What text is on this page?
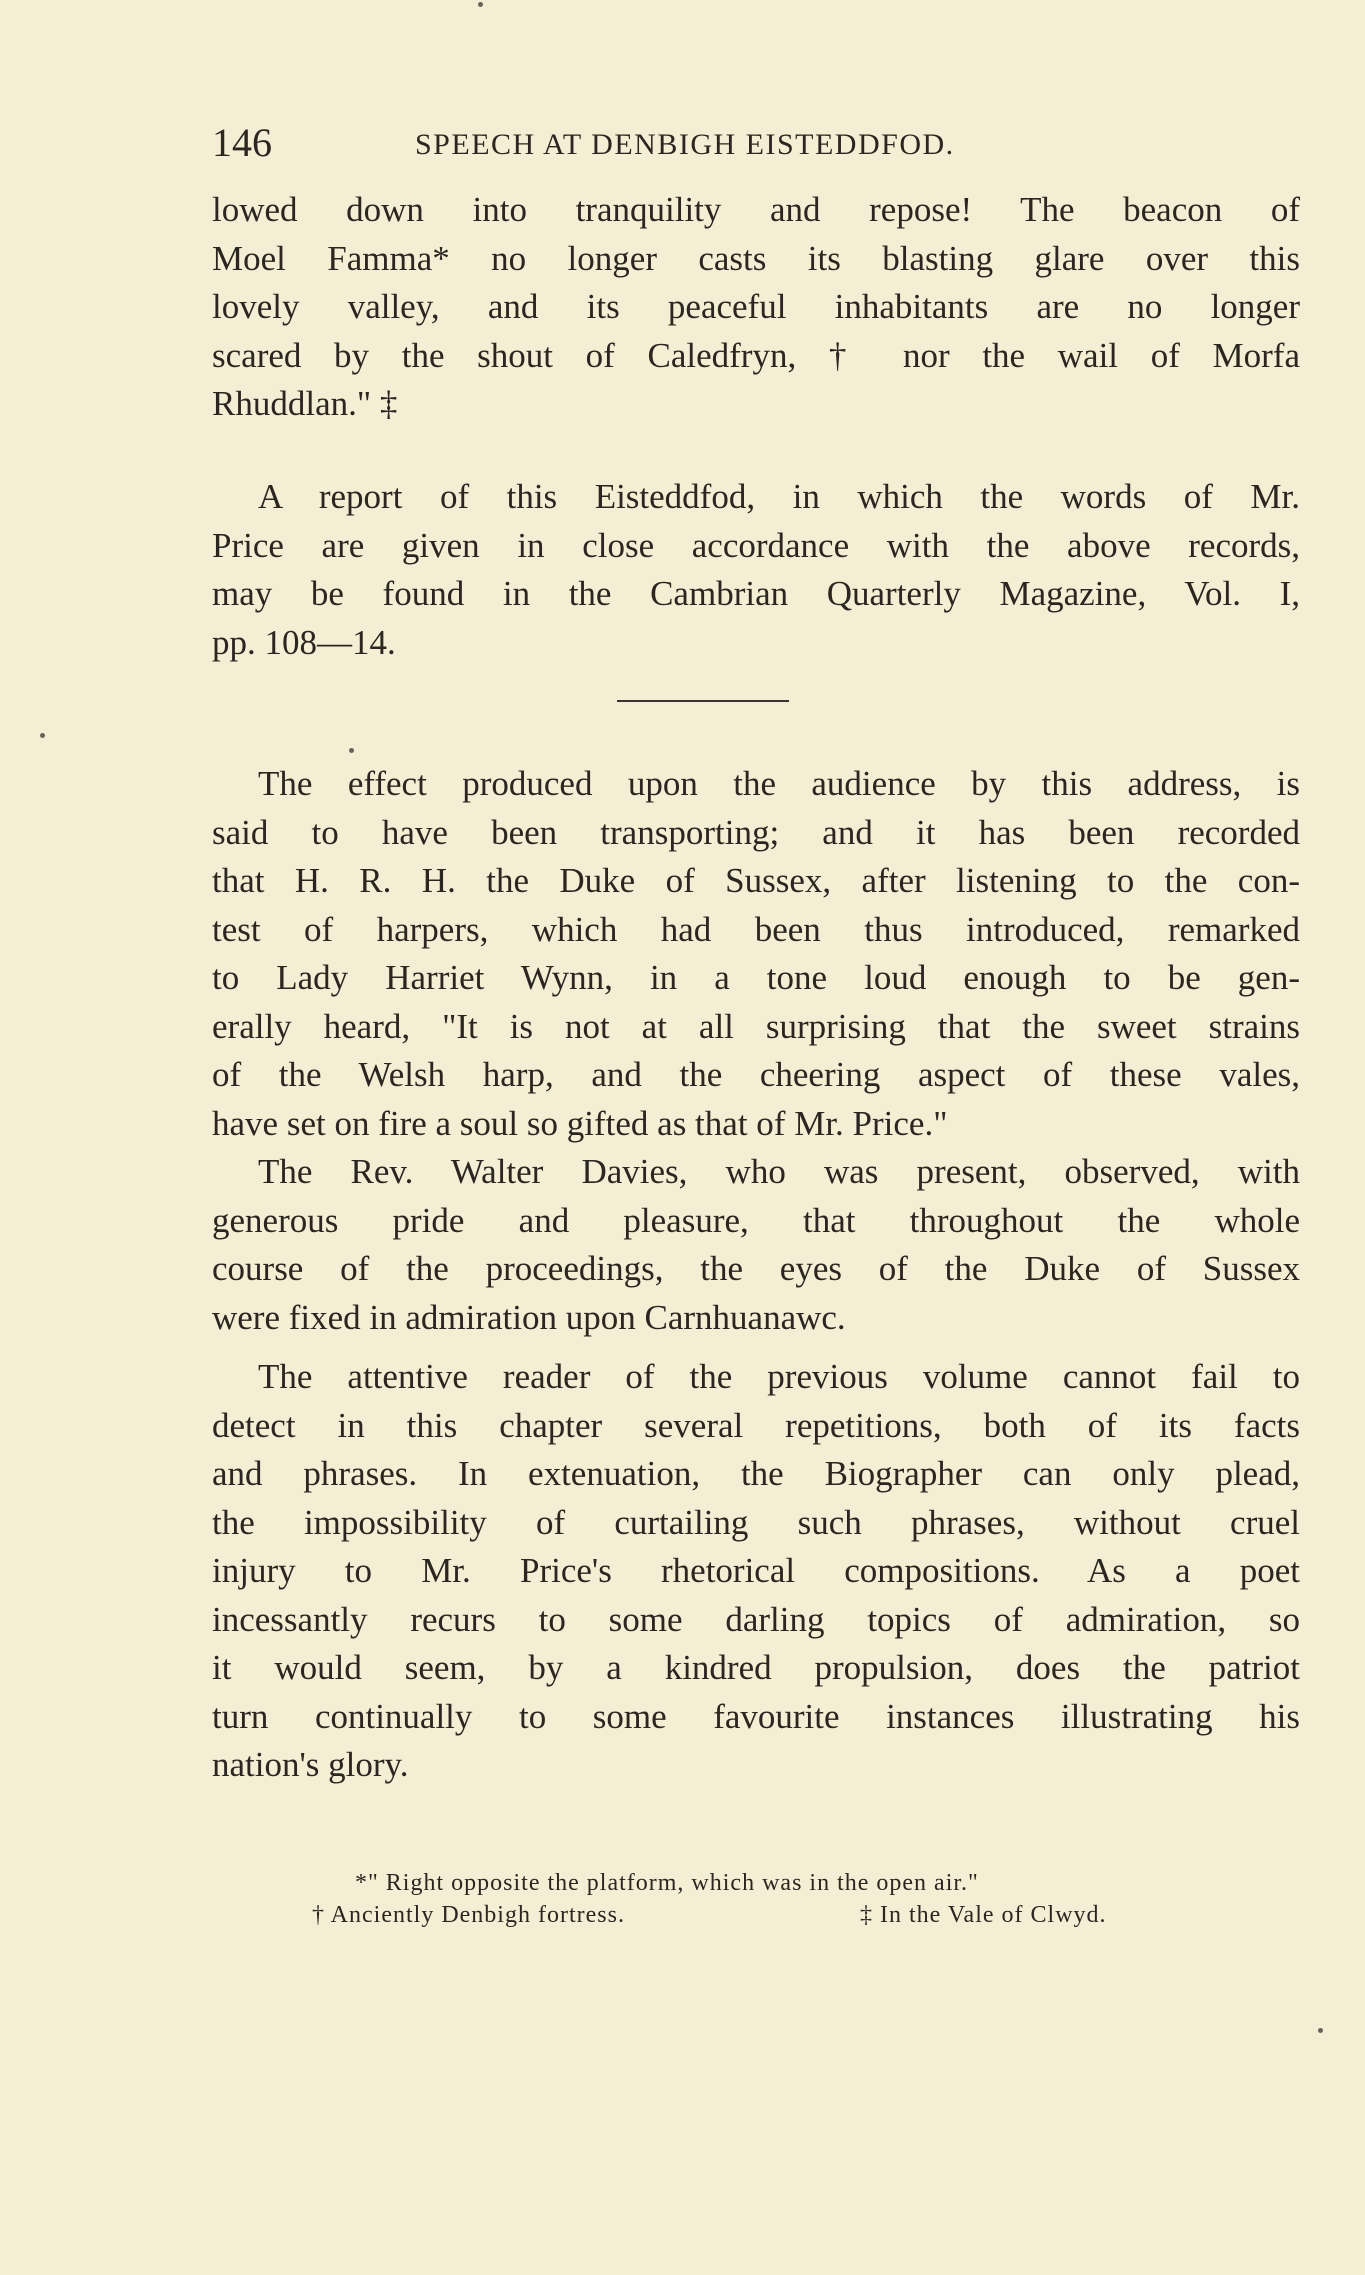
146	SPEECH AT DENBIGH EISTEDDFOD.
lowed down into tranquility and repose! The beacon of
Moel Famma* no longer casts its blasting glare over this
lovely valley, and its peaceful inhabitants are no longer
scared by the shout of Caledfryn, † nor the wail of Morfa
Rhuddlan." ‡
A report of this Eisteddfod, in which the words of Mr.
Price are given in close accordance with the above records,
may be found in the Cambrian Quarterly Magazine, Vol. I,
pp. 108—14.
The effect produced upon the audience by this address, is
said to have been transporting; and it has been recorded
that H. R. H. the Duke of Sussex, after listening to the con-
test of harpers, which had been thus introduced, remarked
to Lady Harriet Wynn, in a tone loud enough to be gen-
erally heard, "It is not at all surprising that the sweet strains
of the Welsh harp, and the cheering aspect of these vales,
have set on fire a soul so gifted as that of Mr. Price."
The Rev. Walter Davies, who was present, observed, with
generous pride and pleasure, that throughout the whole
course of the proceedings, the eyes of the Duke of Sussex
were fixed in admiration upon Carnhuanawc.
The attentive reader of the previous volume cannot fail to
detect in this chapter several repetitions, both of its facts
and phrases. In extenuation, the Biographer can only plead,
the impossibility of curtailing such phrases, without cruel
injury to Mr. Price's rhetorical compositions. As a poet
incessantly recurs to some darling topics of admiration, so
it would seem, by a kindred propulsion, does the patriot
turn continually to some favourite instances illustrating his
nation's glory.
*" Right opposite the platform, which was in the open air."
† Anciently Denbigh fortress.	‡ In the Vale of Clwyd.
